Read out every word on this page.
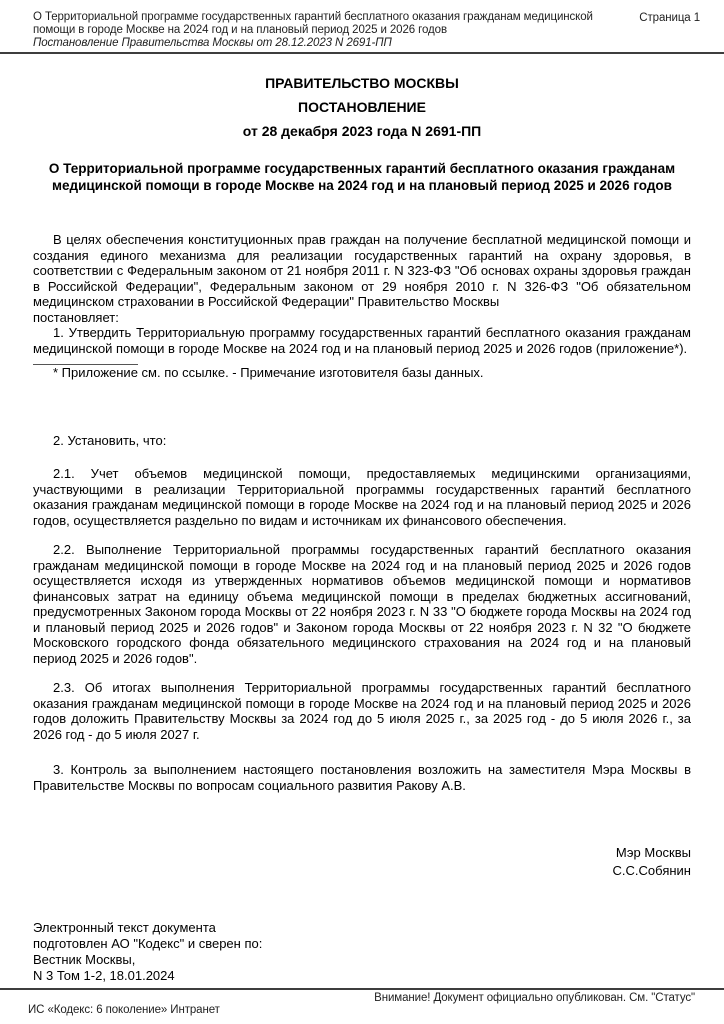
О Территориальной программе государственных гарантий бесплатного оказания гражданам медицинской помощи в городе Москве на 2024 год и на плановый период 2025 и 2026 годов

Постановление Правительства Москвы от 28.12.2023 N 2691-ПП

Страница 1

ПРАВИТЕЛЬСТВО МОСКВЫ

ПОСТАНОВЛЕНИЕ

от 28 декабря 2023 года N 2691-ПП

О Территориальной программе государственных гарантий бесплатного оказания гражданам медицинской помощи в городе Москве на 2024 год и на плановый период 2025 и 2026 годов

В целях обеспечения конституционных прав граждан на получение бесплатной медицинской помощи и создания единого механизма для реализации государственных гарантий на охрану здоровья, в соответствии с Федеральным законом от 21 ноября 2011 г. N 323-ФЗ "Об основах охраны здоровья граждан в Российской Федерации", Федеральным законом от 29 ноября 2010 г. N 326-ФЗ "Об обязательном медицинском страховании в Российской Федерации" Правительство Москвы

постановляет:

1. Утвердить Территориальную программу государственных гарантий бесплатного оказания гражданам медицинской помощи в городе Москве на 2024 год и на плановый период 2025 и 2026 годов (приложение*).

* Приложение см. по ссылке. - Примечание изготовителя базы данных.

2. Установить, что:

2.1. Учет объемов медицинской помощи, предоставляемых медицинскими организациями, участвующими в реализации Территориальной программы государственных гарантий бесплатного оказания гражданам медицинской помощи в городе Москве на 2024 год и на плановый период 2025 и 2026 годов, осуществляется раздельно по видам и источникам их финансового обеспечения.

2.2. Выполнение Территориальной программы государственных гарантий бесплатного оказания гражданам медицинской помощи в городе Москве на 2024 год и на плановый период 2025 и 2026 годов осуществляется исходя из утвержденных нормативов объемов медицинской помощи и нормативов финансовых затрат на единицу объема медицинской помощи в пределах бюджетных ассигнований, предусмотренных Законом города Москвы от 22 ноября 2023 г. N 33 "О бюджете города Москвы на 2024 год и плановый период 2025 и 2026 годов" и Законом города Москвы от 22 ноября 2023 г. N 32 "О бюджете Московского городского фонда обязательного медицинского страхования на 2024 год и на плановый период 2025 и 2026 годов".

2.3. Об итогах выполнения Территориальной программы государственных гарантий бесплатного оказания гражданам медицинской помощи в городе Москве на 2024 год и на плановый период 2025 и 2026 годов доложить Правительству Москвы за 2024 год до 5 июля 2025 г., за 2025 год - до 5 июля 2026 г., за 2026 год - до 5 июля 2027 г.

3. Контроль за выполнением настоящего постановления возложить на заместителя Мэра Москвы в Правительстве Москвы по вопросам социального развития Ракову А.В.

Мэр Москвы

С.С.Собянин

Электронный текст документа

подготовлен АО "Кодекс" и сверен по:

Вестник Москвы,

N 3 Том 1-2, 18.01.2024

Внимание! Документ официально опубликован. См. "Статус"
ИС «Кодекс: 6 поколение» Интранет
